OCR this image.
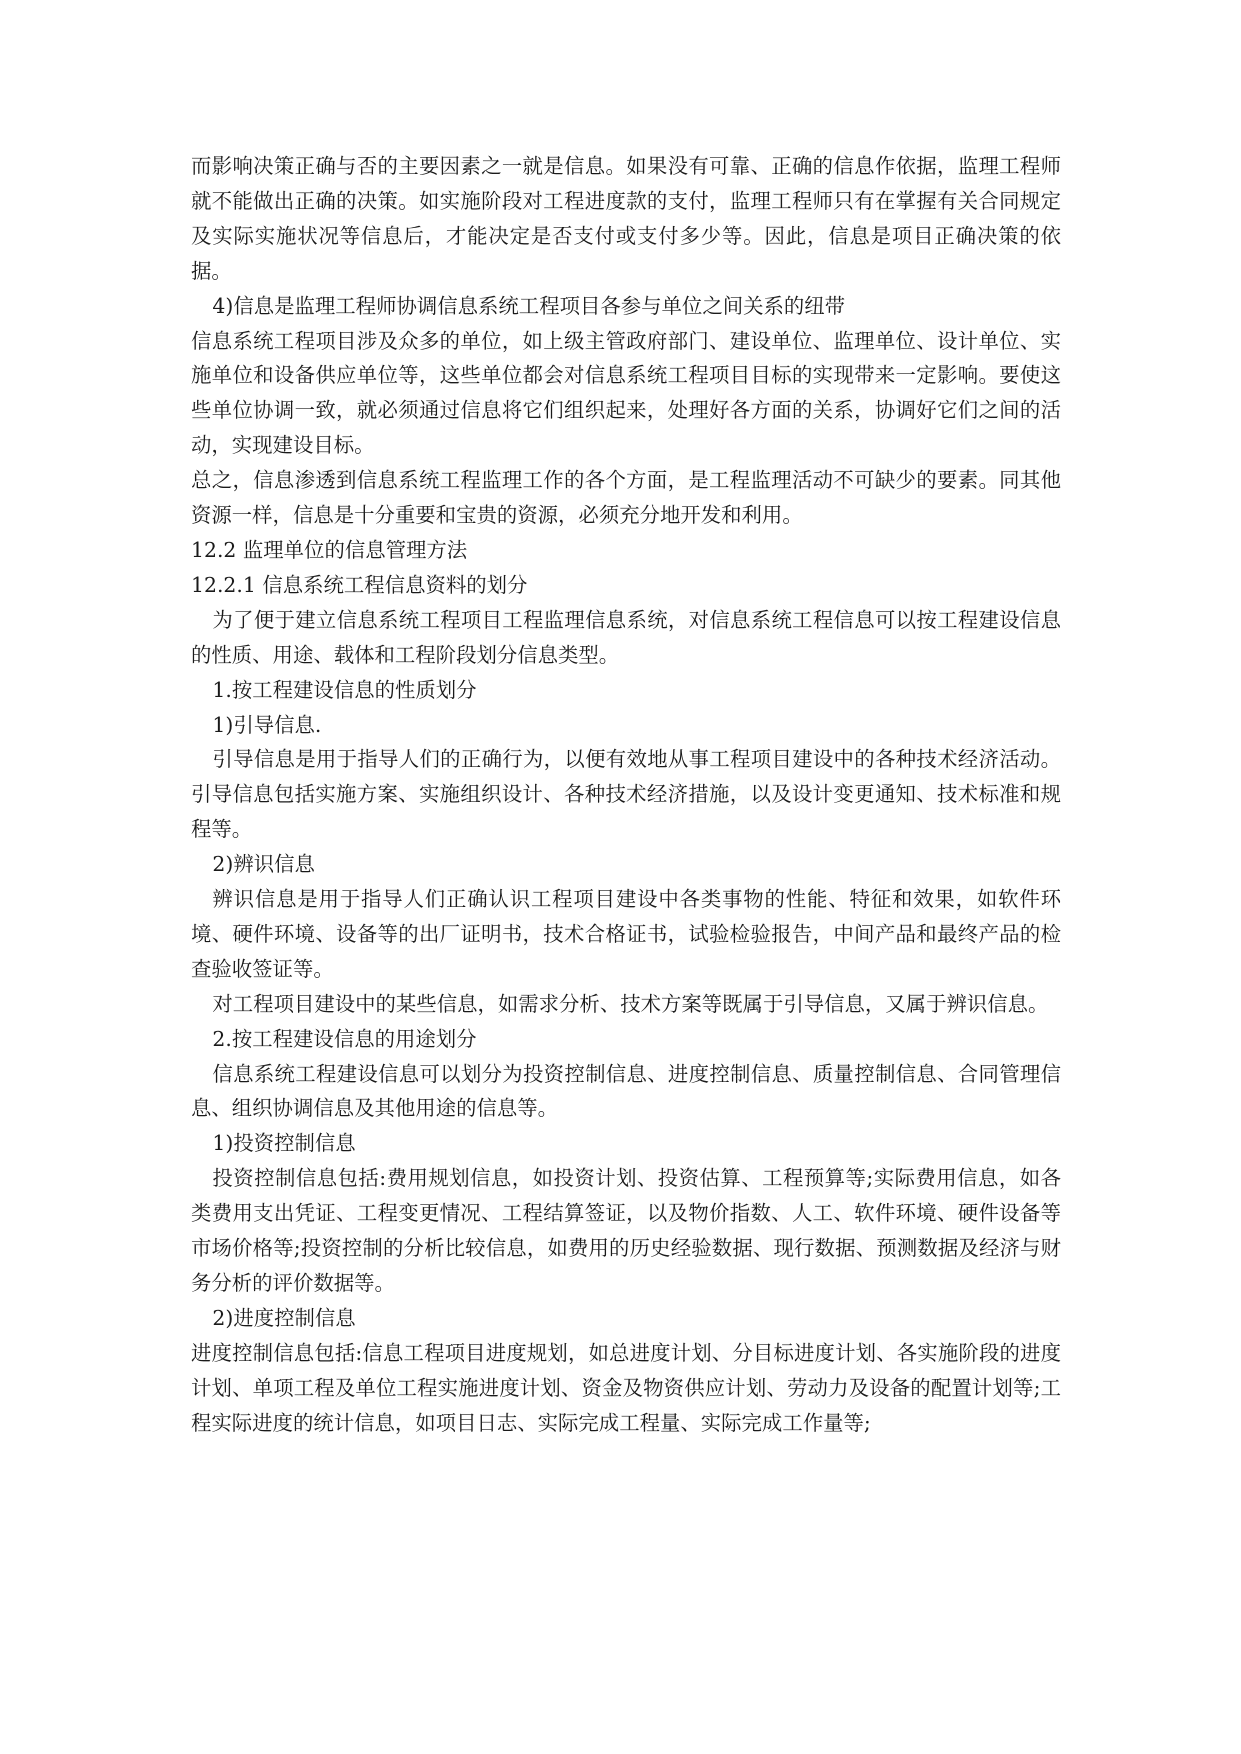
而影响决策正确与否的主要因素之一就是信息。如果没有可靠、正确的信息作依据，监理工程师就不能做出正确的决策。如实施阶段对工程进度款的支付，监理工程师只有在掌握有关合同规定及实际实施状况等信息后，才能决定是否支付或支付多少等。因此，信息是项目正确决策的依据。

4)信息是监理工程师协调信息系统工程项目各参与单位之间关系的纽带

信息系统工程项目涉及众多的单位，如上级主管政府部门、建设单位、监理单位、设计单位、实施单位和设备供应单位等，这些单位都会对信息系统工程项目目标的实现带来一定影响。要使这些单位协调一致，就必须通过信息将它们组织起来，处理好各方面的关系，协调好它们之间的活动，实现建设目标。

总之，信息渗透到信息系统工程监理工作的各个方面，是工程监理活动不可缺少的要素。同其他资源一样，信息是十分重要和宝贵的资源，必须充分地开发和利用。

12.2 监理单位的信息管理方法

12.2.1 信息系统工程信息资料的划分

为了便于建立信息系统工程项目工程监理信息系统，对信息系统工程信息可以按工程建设信息的性质、用途、载体和工程阶段划分信息类型。

1.按工程建设信息的性质划分

1)引导信息.

引导信息是用于指导人们的正确行为，以便有效地从事工程项目建设中的各种技术经济活动。引导信息包括实施方案、实施组织设计、各种技术经济措施，以及设计变更通知、技术标准和规程等。

2)辨识信息

辨识信息是用于指导人们正确认识工程项目建设中各类事物的性能、特征和效果，如软件环境、硬件环境、设备等的出厂证明书，技术合格证书，试验检验报告，中间产品和最终产品的检查验收签证等。

对工程项目建设中的某些信息，如需求分析、技术方案等既属于引导信息，又属于辨识信息。

2.按工程建设信息的用途划分

信息系统工程建设信息可以划分为投资控制信息、进度控制信息、质量控制信息、合同管理信息、组织协调信息及其他用途的信息等。

1)投资控制信息

投资控制信息包括:费用规划信息，如投资计划、投资估算、工程预算等;实际费用信息，如各类费用支出凭证、工程变更情况、工程结算签证，以及物价指数、人工、软件环境、硬件设备等市场价格等;投资控制的分析比较信息，如费用的历史经验数据、现行数据、预测数据及经济与财务分析的评价数据等。

2)进度控制信息

进度控制信息包括:信息工程项目进度规划，如总进度计划、分目标进度计划、各实施阶段的进度计划、单项工程及单位工程实施进度计划、资金及物资供应计划、劳动力及设备的配置计划等;工程实际进度的统计信息，如项目日志、实际完成工程量、实际完成工作量等;
